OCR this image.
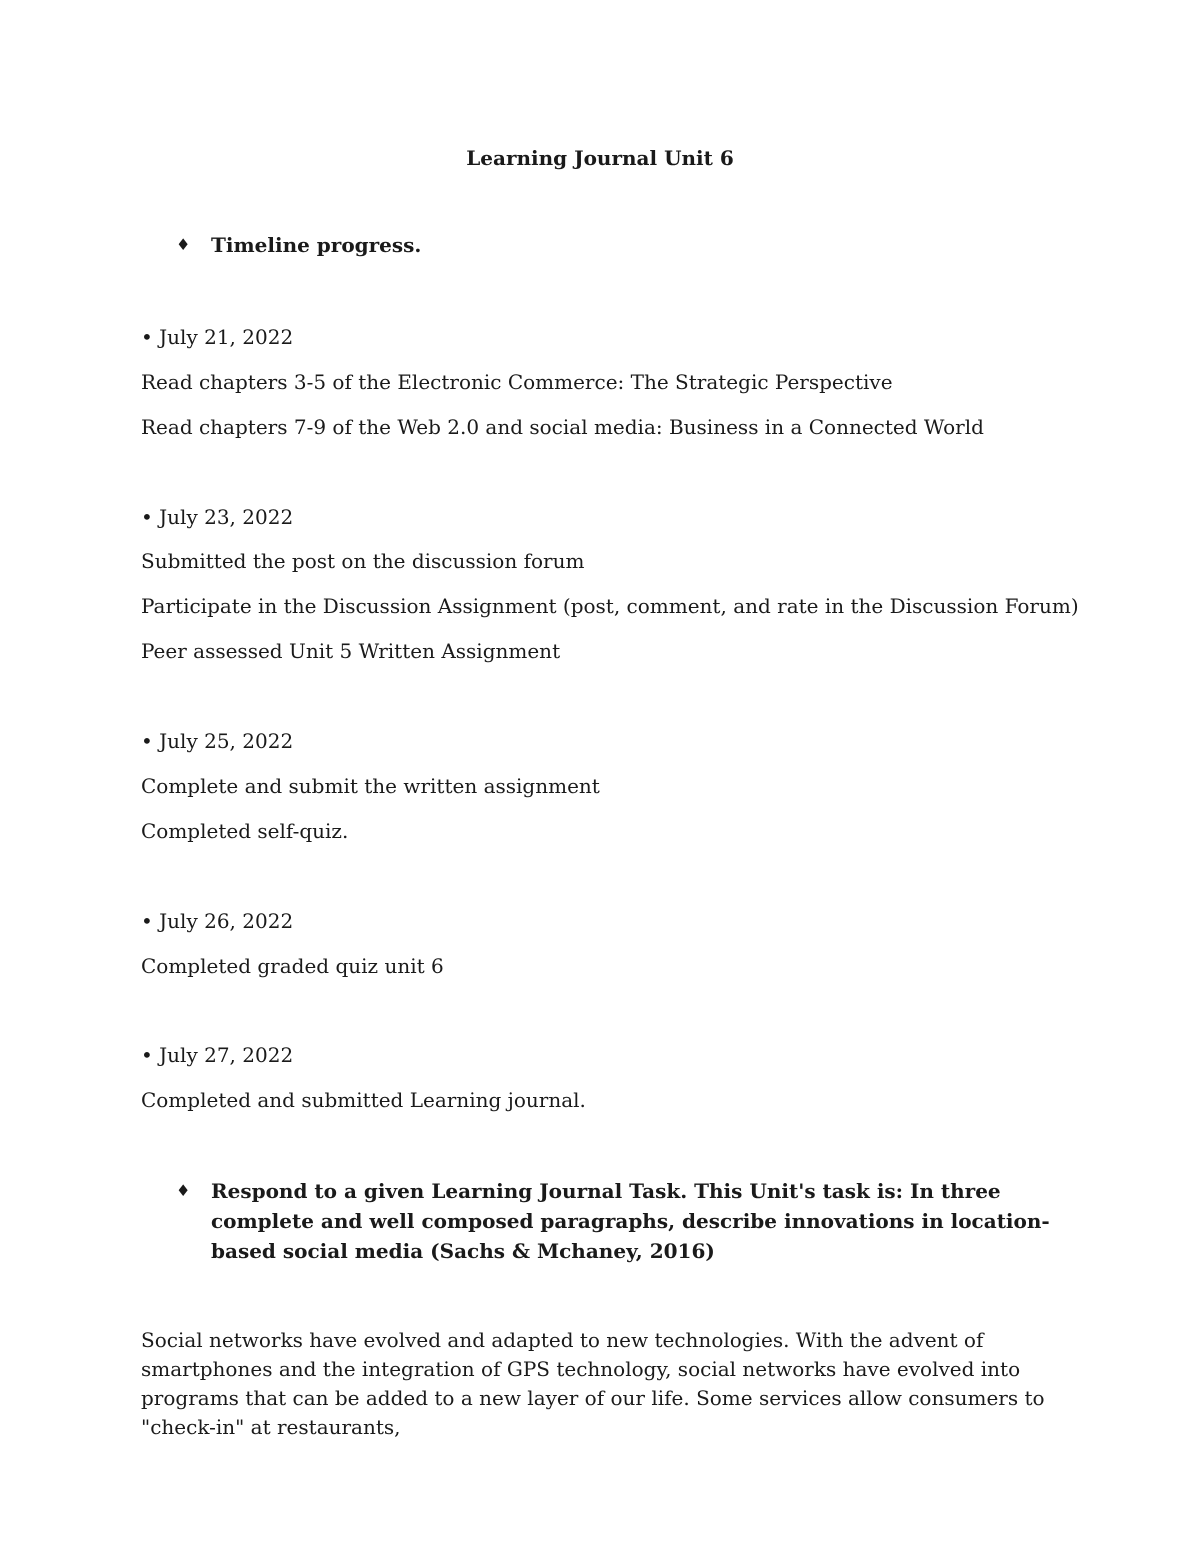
Learning Journal Unit 6
♦ Timeline progress.
• July 21, 2022
Read chapters 3-5 of the Electronic Commerce: The Strategic Perspective
Read chapters 7-9 of the Web 2.0 and social media: Business in a Connected World
• July 23, 2022
Submitted the post on the discussion forum
Participate in the Discussion Assignment (post, comment, and rate in the Discussion Forum)
Peer assessed Unit 5 Written Assignment
• July 25, 2022
Complete and submit the written assignment
Completed self-quiz.
• July 26, 2022
Completed graded quiz unit 6
• July 27, 2022
Completed and submitted Learning journal.
♦ Respond to a given Learning Journal Task. This Unit's task is: In three complete and well composed paragraphs, describe innovations in location-based social media (Sachs & Mchaney, 2016)
Social networks have evolved and adapted to new technologies. With the advent of smartphones and the integration of GPS technology, social networks have evolved into programs that can be added to a new layer of our life. Some services allow consumers to "check-in" at restaurants,
